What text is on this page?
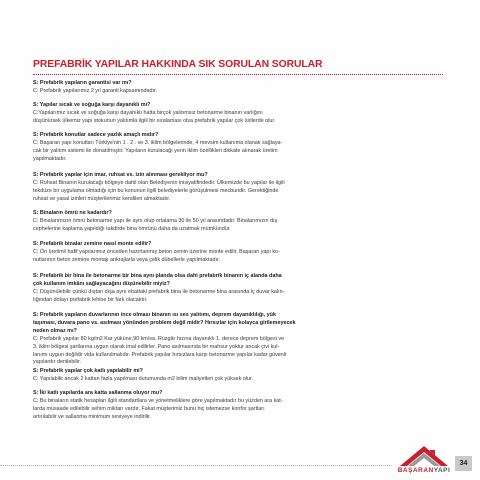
PREFABRİK YAPILAR HAKKINDA SIK SORULAN SORULAR
S: Prefabrik yapıların garantisi var mı?
C: Prefabrik yapılarımız 2 yıl garanti kapsamındadır.
S: Yapılar sıcak ve soğuğa karşı dayanıklı mı?
C:Yapılarımız sıcak ve soğuğa karşı dayanıklı hatta birçok yalıtımsız betonarme binanın varlığını
düşünürsek ülkemiz yapı stokunun yalıtımla ilgili bir sıralaması olsa prefabrik yapılar çok üstlerde olur.
S: Prefabrik konutlar sadece yazlık amaçlı mıdır?
C: Başaran yapı konutları Türkiye'nin 1 . 2 . ve 3. iklim bölgelerinde, 4 mevsim kullanıma olanak sağlaya-
cak bir yalıtım sistemi ile donatılmıştır. Yapıların kurulacağı yerin iklim özellikleri dikkate alınarak üretim
yapılmaktadır.
S: Prefabrik yapılar için imar, ruhsat vs. izin alınması gerekliyor mu?
C: Ruhsat Binanın kurulacağı bölgeye dahil olan Belediyenin inisiyatifindedir. Ülkemizde bu yapılar ile ilgili
tekdüze bir uygulama olmadığı için bu konunun ilgili belediyelerle görüşülmesi mecburidir. Gerektiğinde
ruhsat ve yasal izinleri müşterilerimiz kendileri almaktadır.
S: Binaların ömrü ne kadardır?
C: Binalarımızın ömrü betonarme yapı ile aynı olup ortalama 30 ile 50 yıl arasındadır. Binalarımızın dış
cephelerine kaplama yapıldığı takdirde bina ömrünü daha da uzatmak mümkündür.
S: Prefabrik binalar zemine nasıl monte edilir?
C: Ön üretimli hafif yapılarımız önceden hazırlanmış beton zemin üzerine monte edilir. Başaran yapı ko-
nutlarının beton zemine montajı ankrajlarla veya çelik dübellerle yapılmaktadır.
S: Prefabrik bir bina ile betonarme bir bina aynı planda olsa dahi prefabrik binanın iç alanda daha
çok kullanım imkânı sağlayacağını düşünebilir miyiz?
C: Düşünülebilir çünkü dıştan dışa aynı ebattaki prefabrik bina ile betonarme bina arasında iç duvar kalın-
lığından dolayı prefabrik lehine bir fark olacaktır.
S: Prefabrik yapıların duvarlarının ince olması binanın ısı ses yalıtımı, deprem dayanıklılığı, yük
taşıması, duvara pano vs. asılması yönünden problem değil midir? Hırsızlar için kolayca girilemeyecek
neden olmaz mı?
C: Prefabrik yapılar 80 kg/m2 Kar yüküne,90 km/sa. Rüzgâr hızına dayanıklı 1. derece deprem bölgesi ve
3. iklim bölgesi şartlarına uygun olarak imal edilirler. Pano asılmasında bir mahsur yoktur ancak çivi kul-
lanımı uygun değildir vida kullanılmalıdır. Prefabrik yapılar hırsızlara karşı betonarme yapılar kadar güvenli
yapılardır denilebilir.
S: Prefabrik yapılar çok katlı yapılabilir mi?
C: Yapılabilir ancak 2 kattan fazla yapılması durumunda m2 bilim maliyetleri çok yüksek olur.
S: İki katlı yapılarda ara katta sallanma oluyor mu?
C: Bu binaların statik hesapları ilgili standartlara ve yönetmeliklere göre yapılmaktadır bu yüzden ara kat-
larda müsaade edilebilir sehim miktarı vardır. Fakat müşterimiz bunu hiç istemezse konfor şartları
artırılabilir ve sallanma minimum seviyeye indirilir.
BAŞARANYAPI
34
